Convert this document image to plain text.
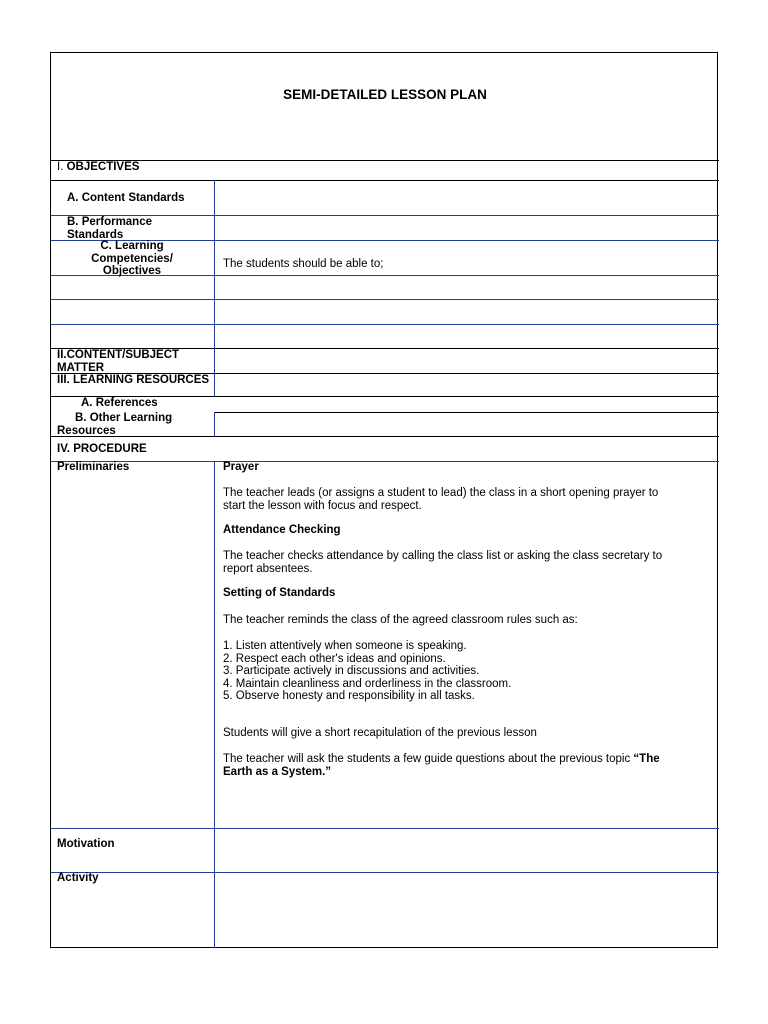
SEMI-DETAILED LESSON PLAN
I. OBJECTIVES
A. Content Standards
B. Performance
Standards
C. Learning
Competencies/
Objectives
The students should be able to;
II.CONTENT/SUBJECT
MATTER
III. LEARNING RESOURCES
A. References
B. Other Learning
Resources
IV. PROCEDURE
Preliminaries	Prayer
The teacher leads (or assigns a student to lead) the class in a short opening prayer to
start the lesson with focus and respect.
Attendance Checking
The teacher checks attendance by calling the class list or asking the class secretary to
report absentees.
Setting of Standards
The teacher reminds the class of the agreed classroom rules such as:
1. Listen attentively when someone is speaking.
2. Respect each other's ideas and opinions.
3. Participate actively in discussions and activities.
4. Maintain cleanliness and orderliness in the classroom.
5. Observe honesty and responsibility in all tasks.
Students will give a short recapitulation of the previous lesson
The teacher will ask the students a few guide questions about the previous topic “The
Earth as a System.”
Motivation
Activity
